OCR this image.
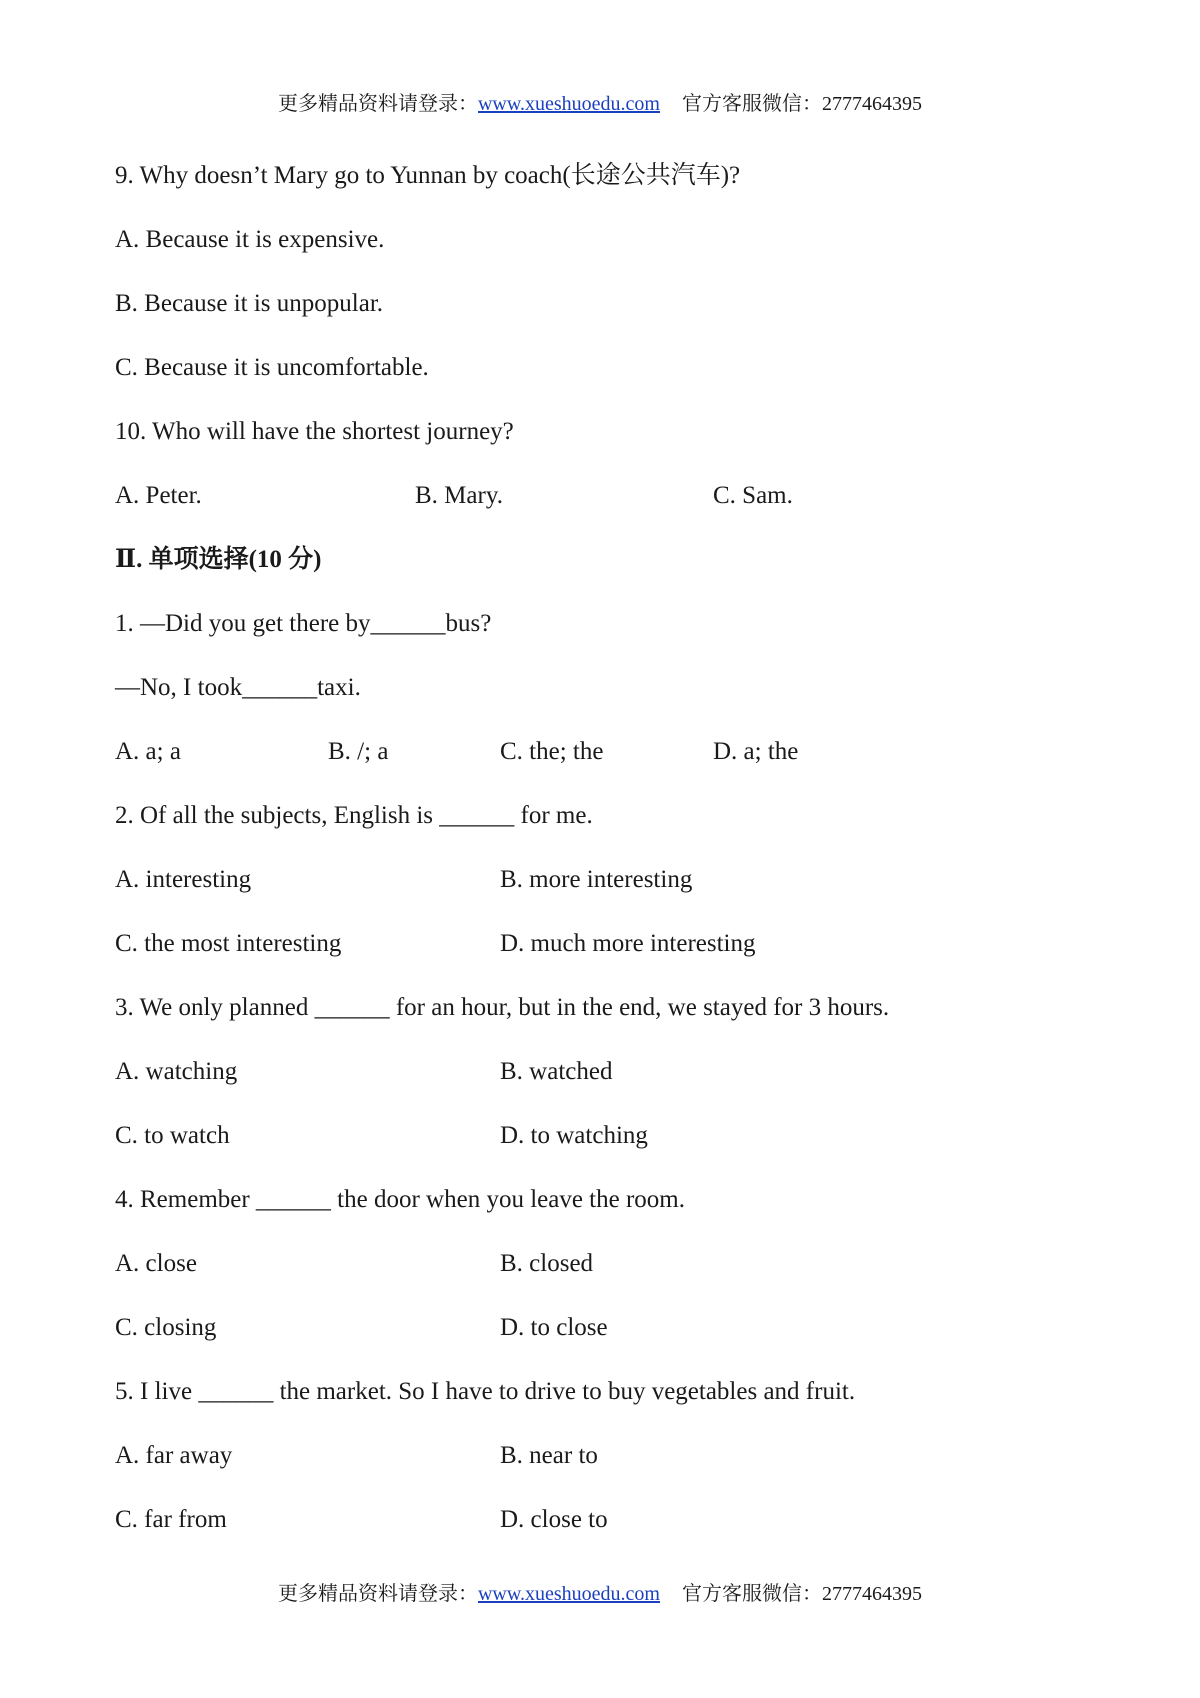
更多精品资料请登录：www.xueshuoedu.com 官方客服微信：2777464395
9. Why doesn’t Mary go to Yunnan by coach(长途公共汽车)?
A. Because it is expensive.
B. Because it is unpopular.
C. Because it is uncomfortable.
10. Who will have the shortest journey?
A. Peter.	B. Mary.	C. Sam.
Ⅱ. 单项选择(10 分)
1. —Did you get there by______bus?
—No, I took______taxi.
A. a; a	B. /; a	C. the; the	D. a; the
2. Of all the subjects, English is ______ for me.
A. interesting	B. more interesting
C. the most interesting	D. much more interesting
3. We only planned ______ for an hour, but in the end, we stayed for 3 hours.
A. watching	B. watched
C. to watch	D. to watching
4. Remember ______ the door when you leave the room.
A. close	B. closed
C. closing	D. to close
5. I live ______ the market. So I have to drive to buy vegetables and fruit.
A. far away	B. near to
C. far from	D. close to
更多精品资料请登录：www.xueshuoedu.com 官方客服微信：2777464395
